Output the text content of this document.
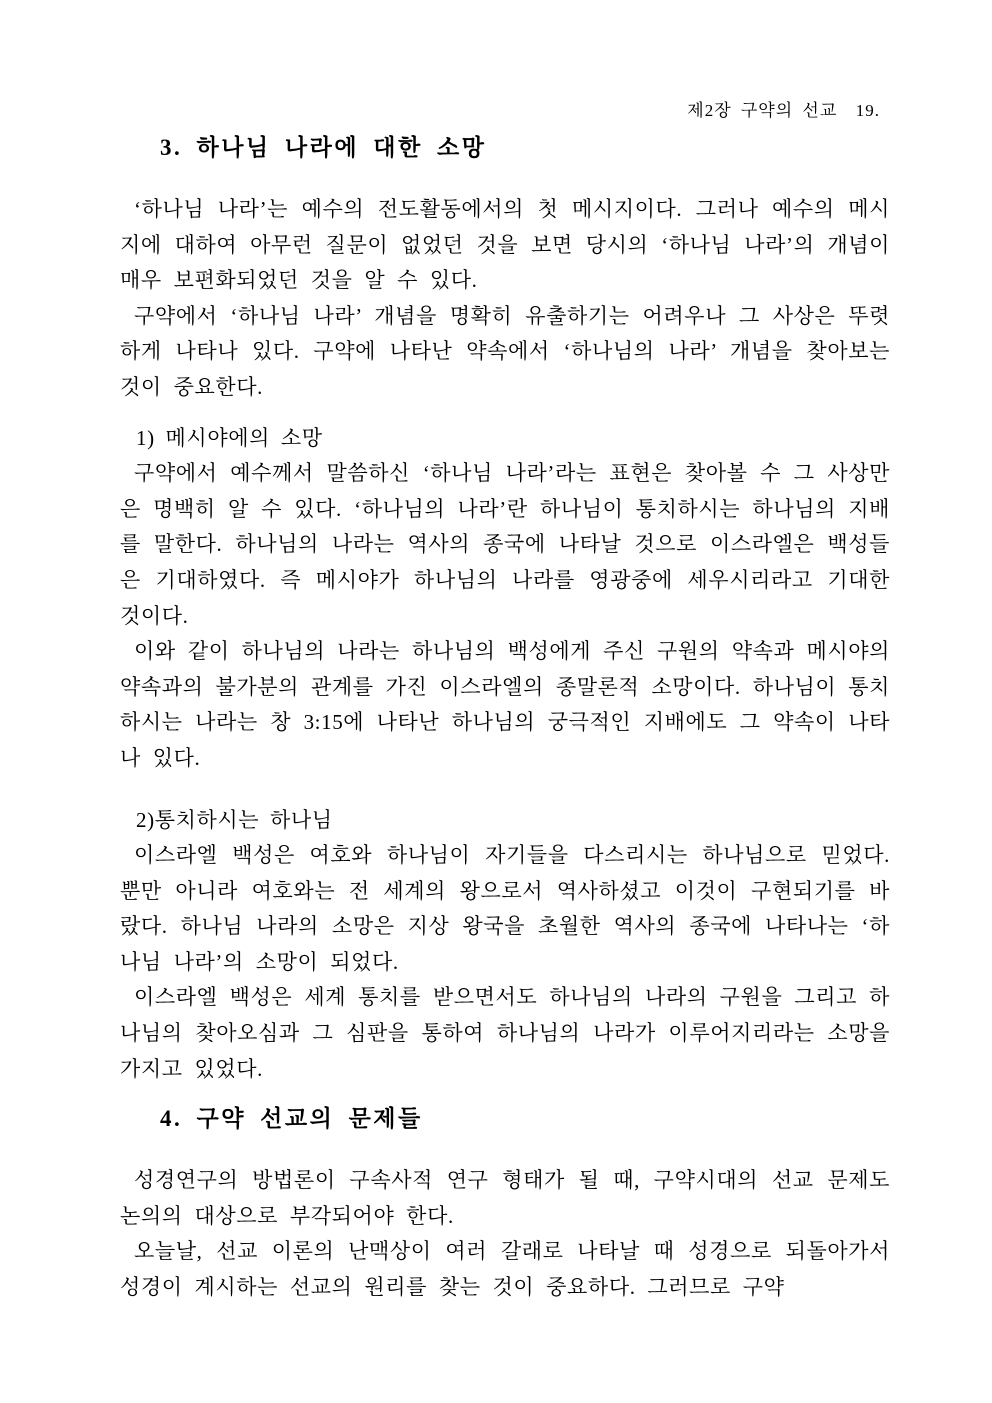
제2장 구약의 선교  19.
3. 하나님 나라에 대한 소망

‘하나님 나라’는 예수의 전도활동에서의 첫 메시지이다. 그러나 예수의 메시지에 대하여 아무런 질문이 없었던 것을 보면 당시의 ‘하나님 나라’의 개념이 매우 보편화되었던 것을 알 수 있다.

구약에서 ‘하나님 나라’ 개념을 명확히 유출하기는 어려우나 그 사상은 뚜렷하게 나타나 있다. 구약에 나타난 약속에서 ‘하나님의 나라’ 개념을 찾아보는 것이 중요한다.

1) 메시야에의 소망

구약에서 예수께서 말씀하신 ‘하나님 나라’라는 표현은 찾아볼 수 그 사상만은 명백히 알 수 있다. ‘하나님의 나라’란 하나님이 통치하시는 하나님의 지배를 말한다. 하나님의 나라는 역사의 종국에 나타날 것으로 이스라엘은 백성들은 기대하였다. 즉 메시야가 하나님의 나라를 영광중에 세우시리라고 기대한 것이다.

이와 같이 하나님의 나라는 하나님의 백성에게 주신 구원의 약속과 메시야의 약속과의 불가분의 관계를 가진 이스라엘의 종말론적 소망이다. 하나님이 통치하시는 나라는 창 3:15에 나타난 하나님의 궁극적인 지배에도 그 약속이 나타나 있다.

2)통치하시는 하나님

이스라엘 백성은 여호와 하나님이 자기들을 다스리시는 하나님으로 믿었다. 뿐만 아니라 여호와는 전 세계의 왕으로서 역사하셨고 이것이 구현되기를 바랐다. 하나님 나라의 소망은 지상 왕국을 초월한 역사의 종국에 나타나는 ‘하나님 나라’의 소망이 되었다.

이스라엘 백성은 세계 통치를 받으면서도 하나님의 나라의 구원을 그리고 하나님의 찾아오심과 그 심판을 통하여 하나님의 나라가 이루어지리라는 소망을 가지고 있었다.

4. 구약 선교의 문제들

성경연구의 방법론이 구속사적 연구 형태가 될 때, 구약시대의 선교 문제도 논의의 대상으로 부각되어야 한다.

오늘날, 선교 이론의 난맥상이 여러 갈래로 나타날 때 성경으로 되돌아가서 성경이 계시하는 선교의 원리를 찾는 것이 중요하다. 그러므로 구약
